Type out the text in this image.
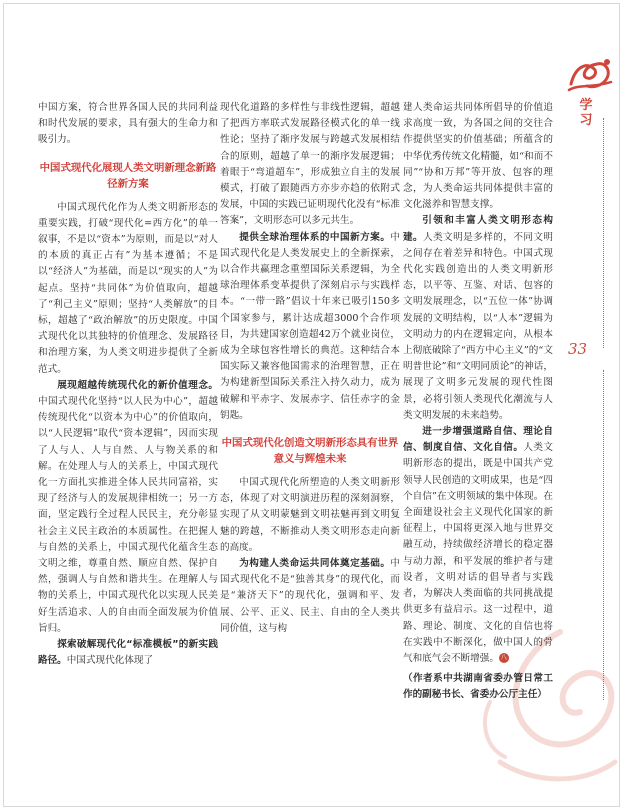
学习
33

中国方案，符合世界各国人民的共同利益和时代发展的要求，具有强大的生命力和吸引力。

中国式现代化展现人类文明新理念新路径新方案

中国式现代化作为人类文明新形态的重要实践，打破“现代化=西方化”的单一叙事，不是以“资本”为原则，而是以“对人的本质的真正占有”为基本遵循；不是以“经济人”为基础，而是以“现实的人”为起点。坚持“共同体”为价值取向，超越了“利己主义”原则；坚持“人类解放”的目标，超越了“政治解放”的历史限度。中国式现代化以其独特的价值理念、发展路径和治理方案，为人类文明进步提供了全新范式。

展现超越传统现代化的新价值理念。中国式现代化坚持“以人民为中心”，超越传统现代化“以资本为中心”的价值取向，以“人民逻辑”取代“资本逻辑”，因而实现了人与人、人与自然、人与物关系的和解。在处理人与人的关系上，中国式现代化一方面扎实推进全体人民共同富裕，实现了经济与人的发展规律相统一；另一方面，坚定践行全过程人民民主，充分彰显社会主义民主政治的本质属性。在把握人与自然的关系上，中国式现代化蕴含生态文明之维，尊重自然、顺应自然、保护自然，强调人与自然和谐共生。在理解人与物的关系上，中国式现代化以实现人民美好生活追求、人的自由而全面发展为价值旨归。

探索破解现代化“标准模板”的新实践路径。中国式现代化体现了

现代化道路的多样性与非线性逻辑，超越了把西方率联式发展路径模式化的单一线性论；坚持了渐序发展与跨越式发展相结合的原则，超越了单一的渐序发展逻辑；着眼于“弯道超车”，形成独立自主的发展模式，打破了跟随西方亦步亦趋的依附式发展，中国的实践已证明现代化没有“标准答案”，文明形态可以多元共生。

提供全球治理体系的中国新方案。中国式现代化是人类发展史上的全新探索，以合作共赢理念重塑国际关系逻辑，为全球治理体系变革提供了深刻启示与实践样本。“一带一路”倡议十年来已吸引150多个国家参与，累计达成超3000个合作项目，为共建国家创造超42万个就业岗位，成为全球包容性增长的典范。这种结合本国实际又兼容他国需求的治理智慧，正在为构建新型国际关系注入持久动力，成为破解和平赤字、发展赤字、信任赤字的金钥匙。

中国式现代化创造文明新形态具有世界意义与辉煌未来

中国式现代化所塑造的人类文明新形态，体现了对文明演进历程的深刻洞察，实现了从文明蒙魅到文明祛魅再到文明复魅的跨越，不断推动人类文明形态走向新的高度。

为构建人类命运共同体奠定基础。中国式现代化不是“独善其身”的现代化，而是“兼济天下”的现代化，强调和平、发展、公平、正义、民主、自由的全人类共同价值，这与构

建人类命运共同体所倡导的价值追求高度一致，为各国之间的交往合作提供坚实的价值基础；所蕴含的中华优秀传统文化精髓，如“和而不同”“协和万邦”等开放、包容的理念，为人类命运共同体提供丰富的文化滋养和智慧支撑。

引领和丰富人类文明形态构建。人类文明是多样的，不同文明之间存在着差异和特色。中国式现代化实践创造出的人类文明新形态，以平等、互鉴、对话、包容的文明发展理念，以“五位一体”协调发展的文明结构，以“人本”逻辑为文明动力的内在逻辑定向，从根本上彻底破除了“西方中心主义”的“文明普世论”和“文明同质论”的神话，展现了文明多元发展的现代性图景，必将引领人类现代化潮流与人类文明发展的未来趋势。

进一步增强道路自信、理论自信、制度自信、文化自信。人类文明新形态的提出，既是中国共产党领导人民创造的文明成果，也是“四个自信”在文明领域的集中体现。在全面建设社会主义现代化国家的新征程上，中国将更深入地与世界交融互动，持续做经济增长的稳定器与动力源，和平发展的维护者与建设者，文明对话的倡导者与实践者，为解决人类面临的共同挑战提供更多有益启示。这一过程中，道路、理论、制度、文化的自信也将在实践中不断深化，做中国人的骨气和底气会不断增强。 八

（作者系中共湖南省委办管日常工作的副秘书长、省委办公厅主任）
